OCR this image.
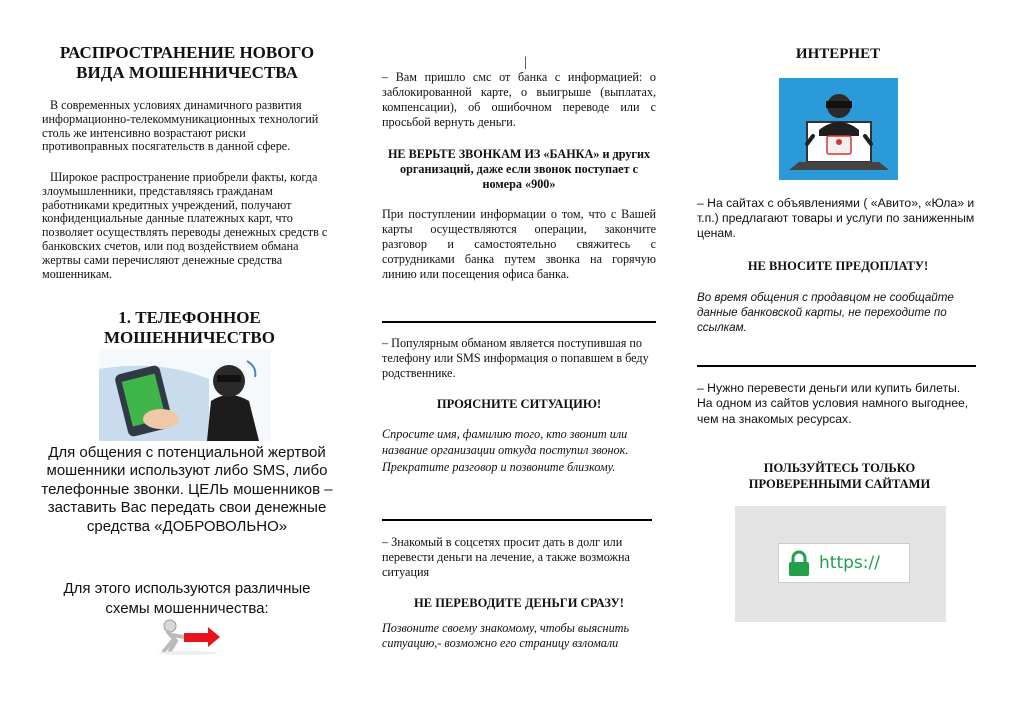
РАСПРОСТРАНЕНИЕ НОВОГО ВИДА МОШЕННИЧЕСТВА

В современных условиях динамичного развития информационно-телекоммуникационных технологий столь же интенсивно возрастают риски противоправных посягательств в данной сфере.

Широкое распространение приобрели факты, когда злоумышленники, представляясь гражданам работниками кредитных учреждений, получают конфиденциальные данные платежных карт, что позволяет осуществлять переводы денежных средств с банковских счетов, или под воздействием обмана жертвы сами перечисляют денежные средства мошенникам.

1. ТЕЛЕФОННОЕ МОШЕННИЧЕСТВО

Для общения с потенциальной жертвой мошенники используют либо SMS, либо телефонные звонки. ЦЕЛЬ мошенников – заставить Вас передать свои денежные средства «ДОБРОВОЛЬНО»

Для этого используются различные схемы мошенничества:

|

– Вам пришло смс от банка с информацией: о заблокированной карте, о выигрыше (выплатах, компенсации), об ошибочном переводе или с просьбой вернуть деньги.

НЕ ВЕРЬТЕ ЗВОНКАМ ИЗ «БАНКА» и других организаций, даже если звонок поступает с номера «900»

При поступлении информации о том, что с Вашей карты осуществляются операции, закончите разговор и самостоятельно свяжитесь с сотрудниками банка путем звонка на горячую линию или посещения офиса банка.

– Популярным обманом является поступившая по телефону или SMS информация о попавшем в беду родственнике.

ПРОЯСНИТЕ СИТУАЦИЮ!

Спросите имя, фамилию того, кто звонит или название организации откуда поступил звонок. Прекратите разговор и позвоните близкому.

– Знакомый в соцсетях просит дать в долг или перевести деньги на лечение, а также возможна ситуация

НЕ ПЕРЕВОДИТЕ ДЕНЬГИ СРАЗУ!

Позвоните своему знакомому, чтобы выяснить ситуацию,- возможно его страницу взломали

ИНТЕРНЕТ

– На сайтах с объявлениями ( «Авито», «Юла» и т.п.) предлагают товары и услуги по заниженным ценам.

НЕ ВНОСИТЕ ПРЕДОПЛАТУ!

Во время общения с продавцом не сообщайте данные банковской карты, не переходите по ссылкам.

– Нужно перевести деньги или купить билеты. На одном из сайтов условия намного выгоднее, чем на знакомых ресурсах.

ПОЛЬЗУЙТЕСЬ ТОЛЬКО ПРОВЕРЕННЫМИ САЙТАМИ
https://
